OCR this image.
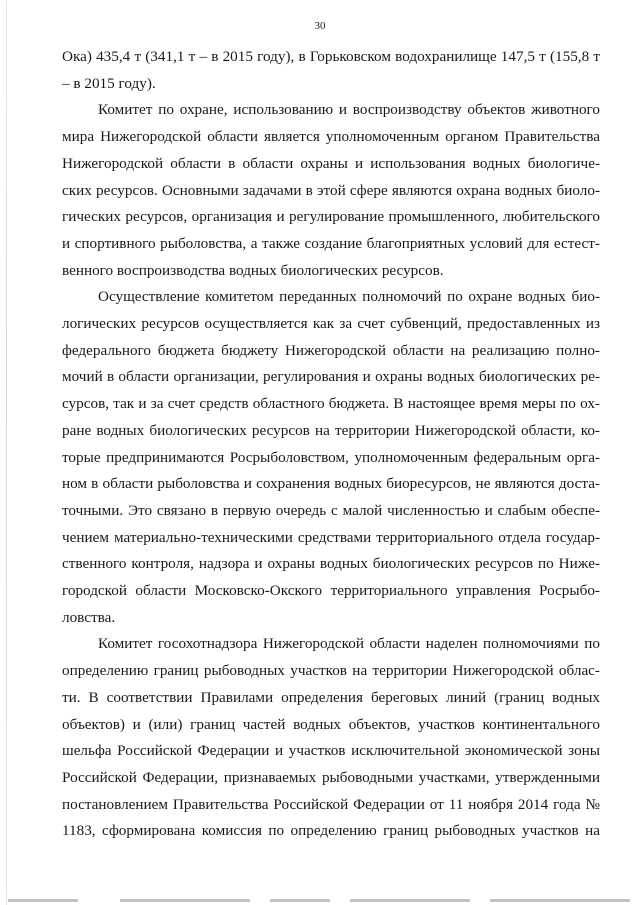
30
Ока) 435,4 т (341,1 т – в 2015 году), в Горьковском водохранилище 147,5 т (155,8 т
– в 2015 году).
Комитет по охране, использованию и воспроизводству объектов животного
мира Нижегородской области является уполномоченным органом Правительства
Нижегородской области в области охраны и использования водных биологиче-
ских ресурсов. Основными задачами в этой сфере являются охрана водных биоло-
гических ресурсов, организация и регулирование промышленного, любительского
и спортивного рыболовства, а также создание благоприятных условий для естест-
венного воспроизводства водных биологических ресурсов.
Осуществление комитетом переданных полномочий по охране водных био-
логических ресурсов осуществляется как за счет субвенций, предоставленных из
федерального бюджета бюджету Нижегородской области на реализацию полно-
мочий в области организации, регулирования и охраны водных биологических ре-
сурсов, так и за счет средств областного бюджета. В настоящее время меры по ох-
ране водных биологических ресурсов на территории Нижегородской области, ко-
торые предпринимаются Росрыболовством, уполномоченным федеральным орга-
ном в области рыболовства и сохранения водных биоресурсов, не являются доста-
точными. Это связано в первую очередь с малой численностью и слабым обеспе-
чением материально-техническими средствами территориального отдела государ-
ственного контроля, надзора и охраны водных биологических ресурсов по Нижe-
городской области Московско-Окского территориального управления Росрыбо-
ловства.
Комитет госохотнадзора Нижегородской области наделен полномочиями по
определению границ рыбоводных участков на территории Нижегородской облас-
ти. В соответствии Правилами определения береговых линий (границ водных
объектов) и (или) границ частей водных объектов, участков континентального
шельфа Российской Федерации и участков исключительной экономической зоны
Российской Федерации, признаваемых рыбоводными участками, утвержденными
постановлением Правительства Российской Федерации от 11 ноября 2014 года №
1183, сформирована комиссия по определению границ рыбоводных участков на
